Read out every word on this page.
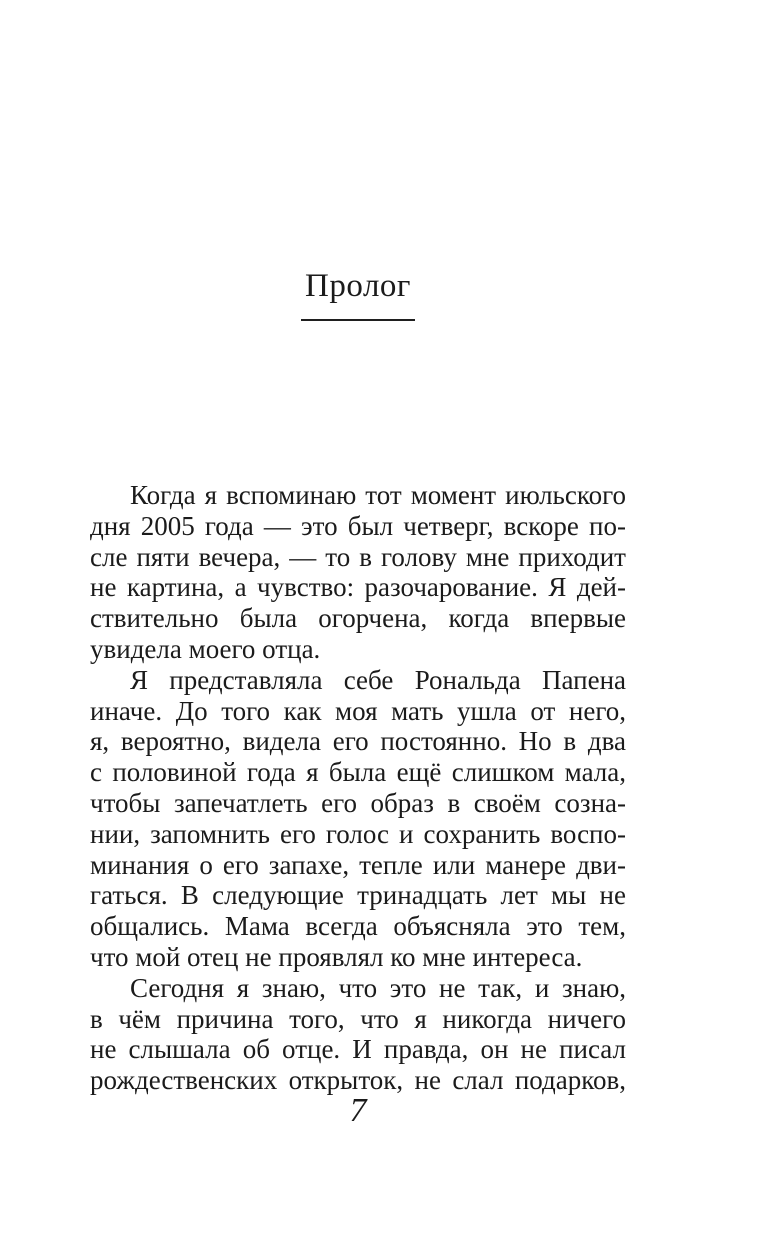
Пролог

Когда я вспоминаю тот момент июльского
дня 2005 года — это был четверг, вскоре по-
сле пяти вечера, — то в голову мне приходит
не картина, а чувство: разочарование. Я дей-
ствительно была огорчена, когда впервые
увидела моего отца.

Я представляла себе Рональда Папена
иначе. До того как моя мать ушла от него,
я, вероятно, видела его постоянно. Но в два
с половиной года я была ещё слишком мала,
чтобы запечатлеть его образ в своём созна-
нии, запомнить его голос и сохранить воспо-
минания о его запахе, тепле или манере дви-
гаться. В следующие тринадцать лет мы не
общались. Мама всегда объясняла это тем,
что мой отец не проявлял ко мне интереса.

Сегодня я знаю, что это не так, и знаю,
в чём причина того, что я никогда ничего
не слышала об отце. И правда, он не писал
рождественских открыток, не слал подарков,

7
